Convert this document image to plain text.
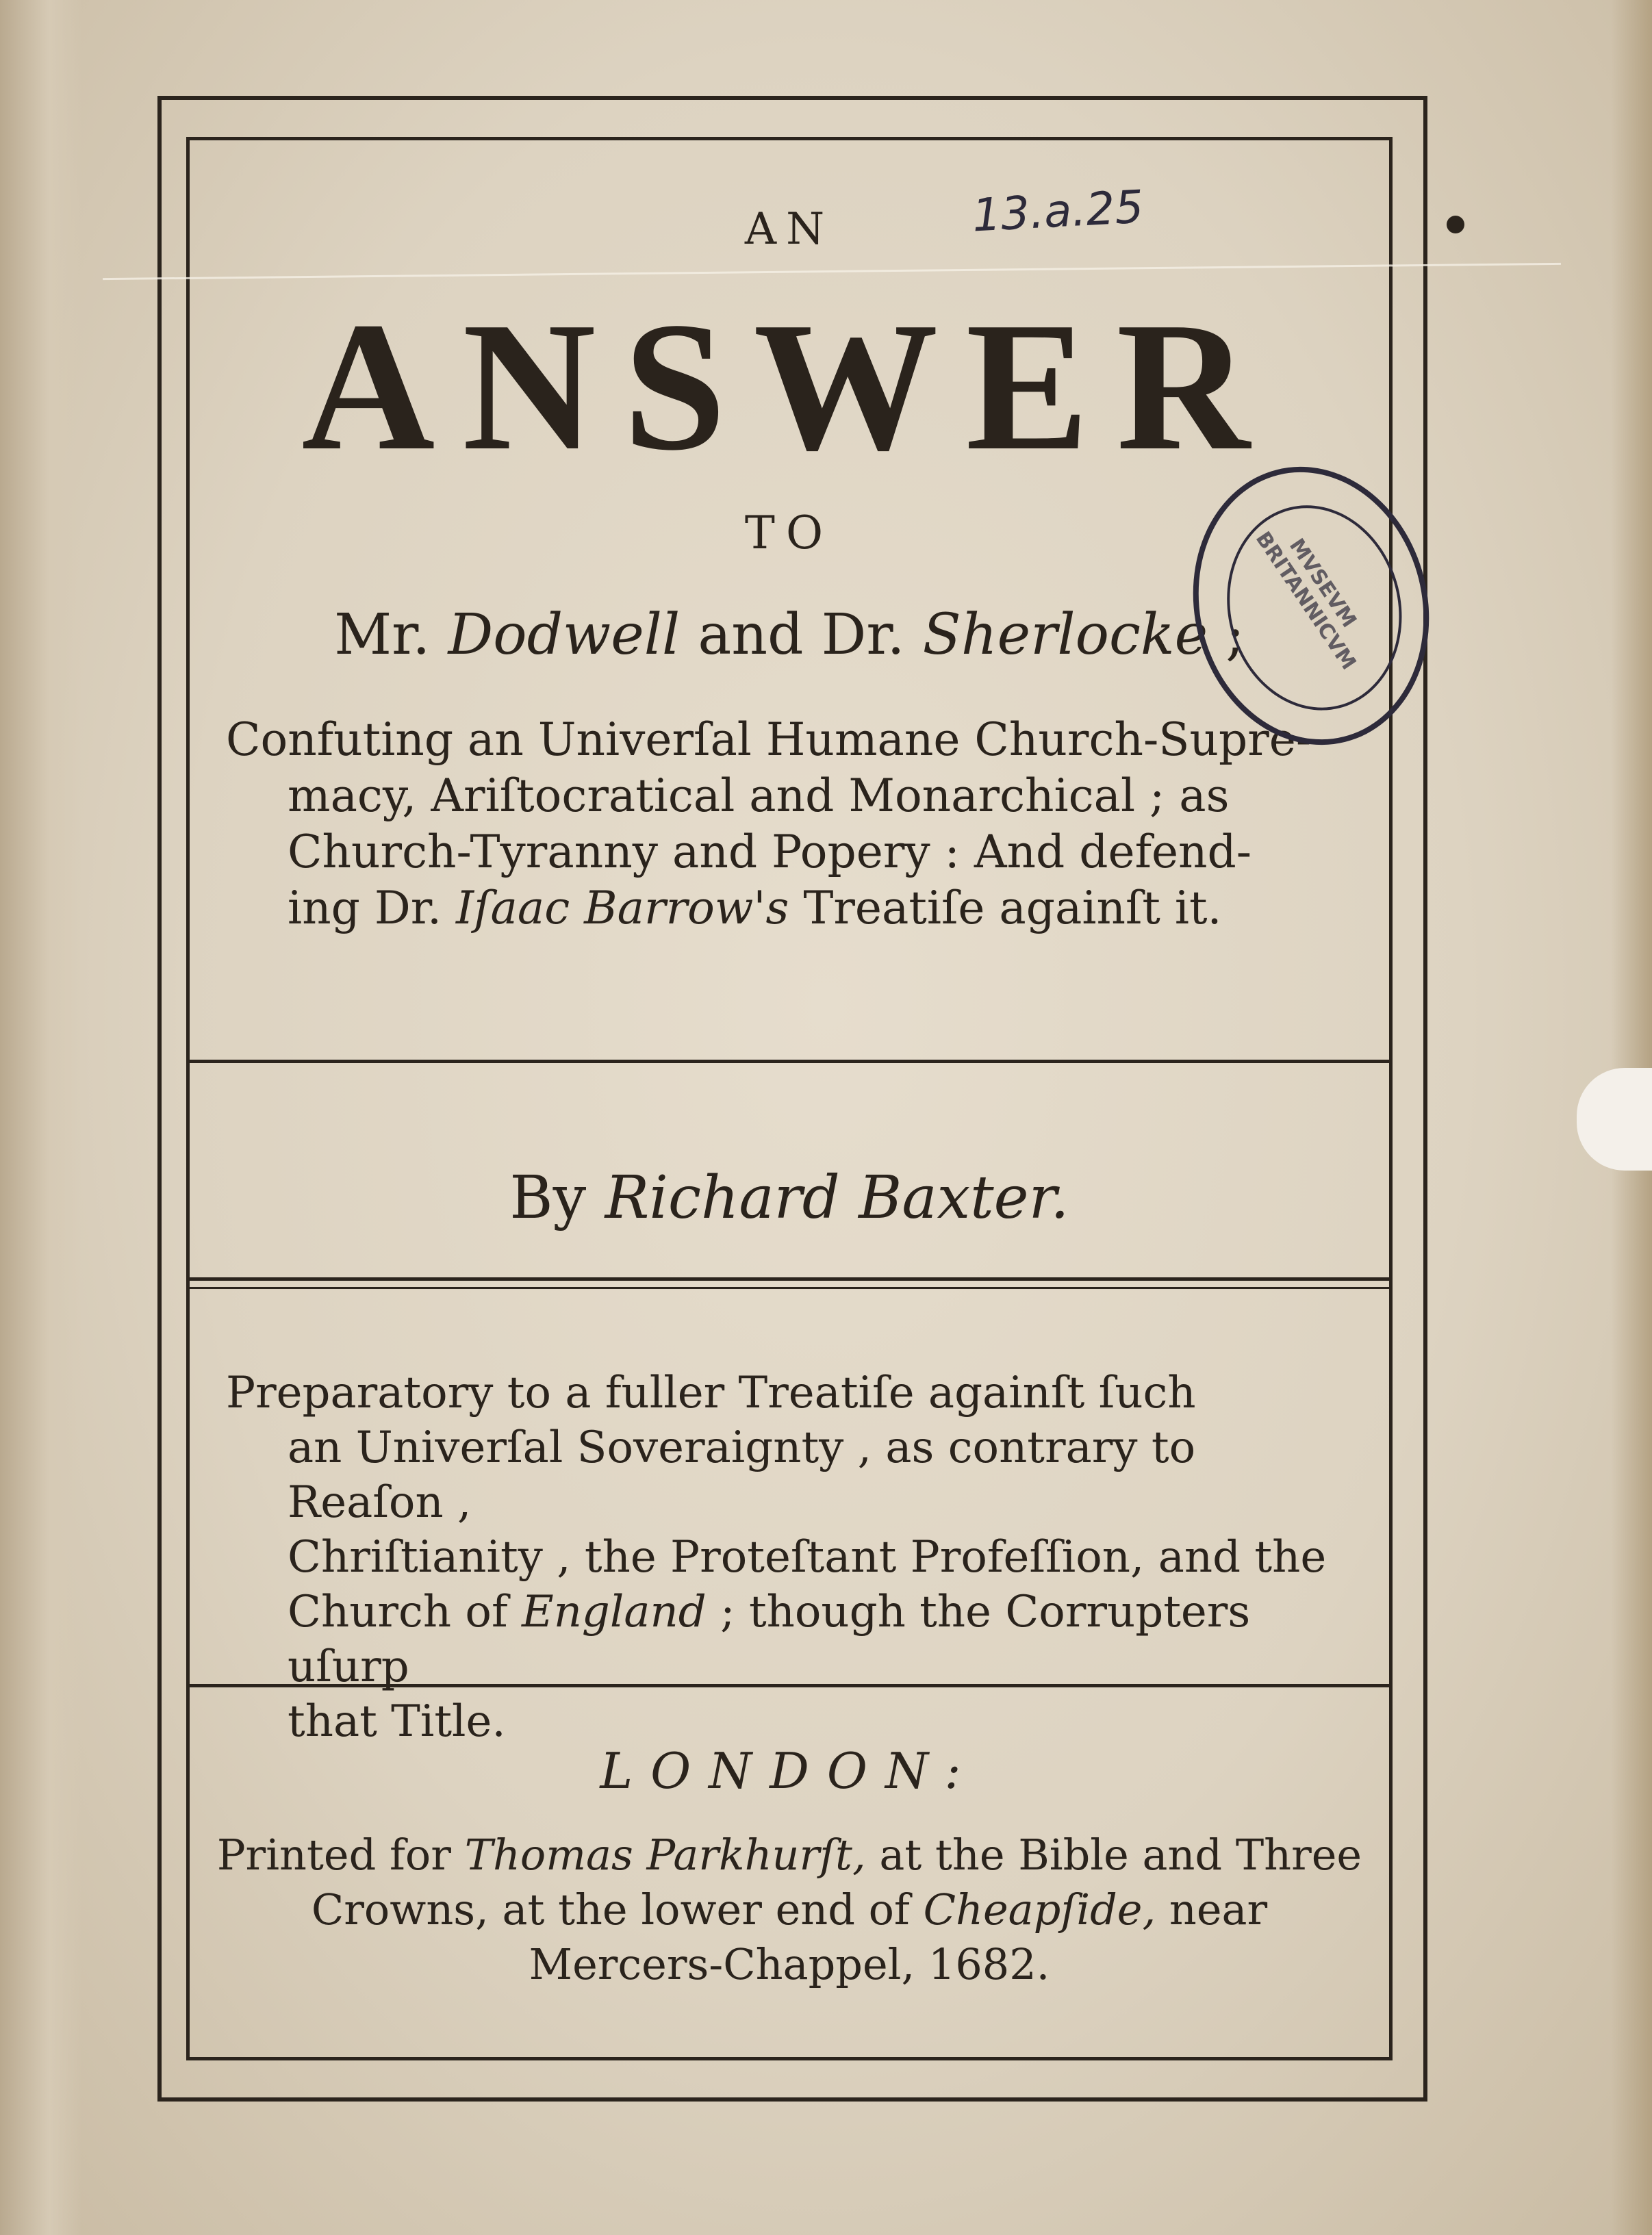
13.a.25
AN
ANSWER
TO
Mr. Dodwell and Dr. Sherlocke ;
Confuting an Univerſal Humane Church-Supre-
macy, Ariſtocratical and Monarchical ; as
Church-Tyranny and Popery : And defend-
ing Dr. Iſaac Barrow's Treatiſe againſt it.
By Richard Baxter.
Preparatory to a fuller Treatiſe againſt ſuch
an Univerſal Soveraignty , as contrary to Reaſon ,
Chriſtianity , the Proteſtant Profeſſion, and the
Church of England ; though the Corrupters uſurp
that Title.
LONDON:
Printed for Thomas Parkhurſt, at the Bible and Three
Crowns, at the lower end of Cheapſide, near
Mercers-Chappel, 1682.
MVSEVM BRITANNICVM
